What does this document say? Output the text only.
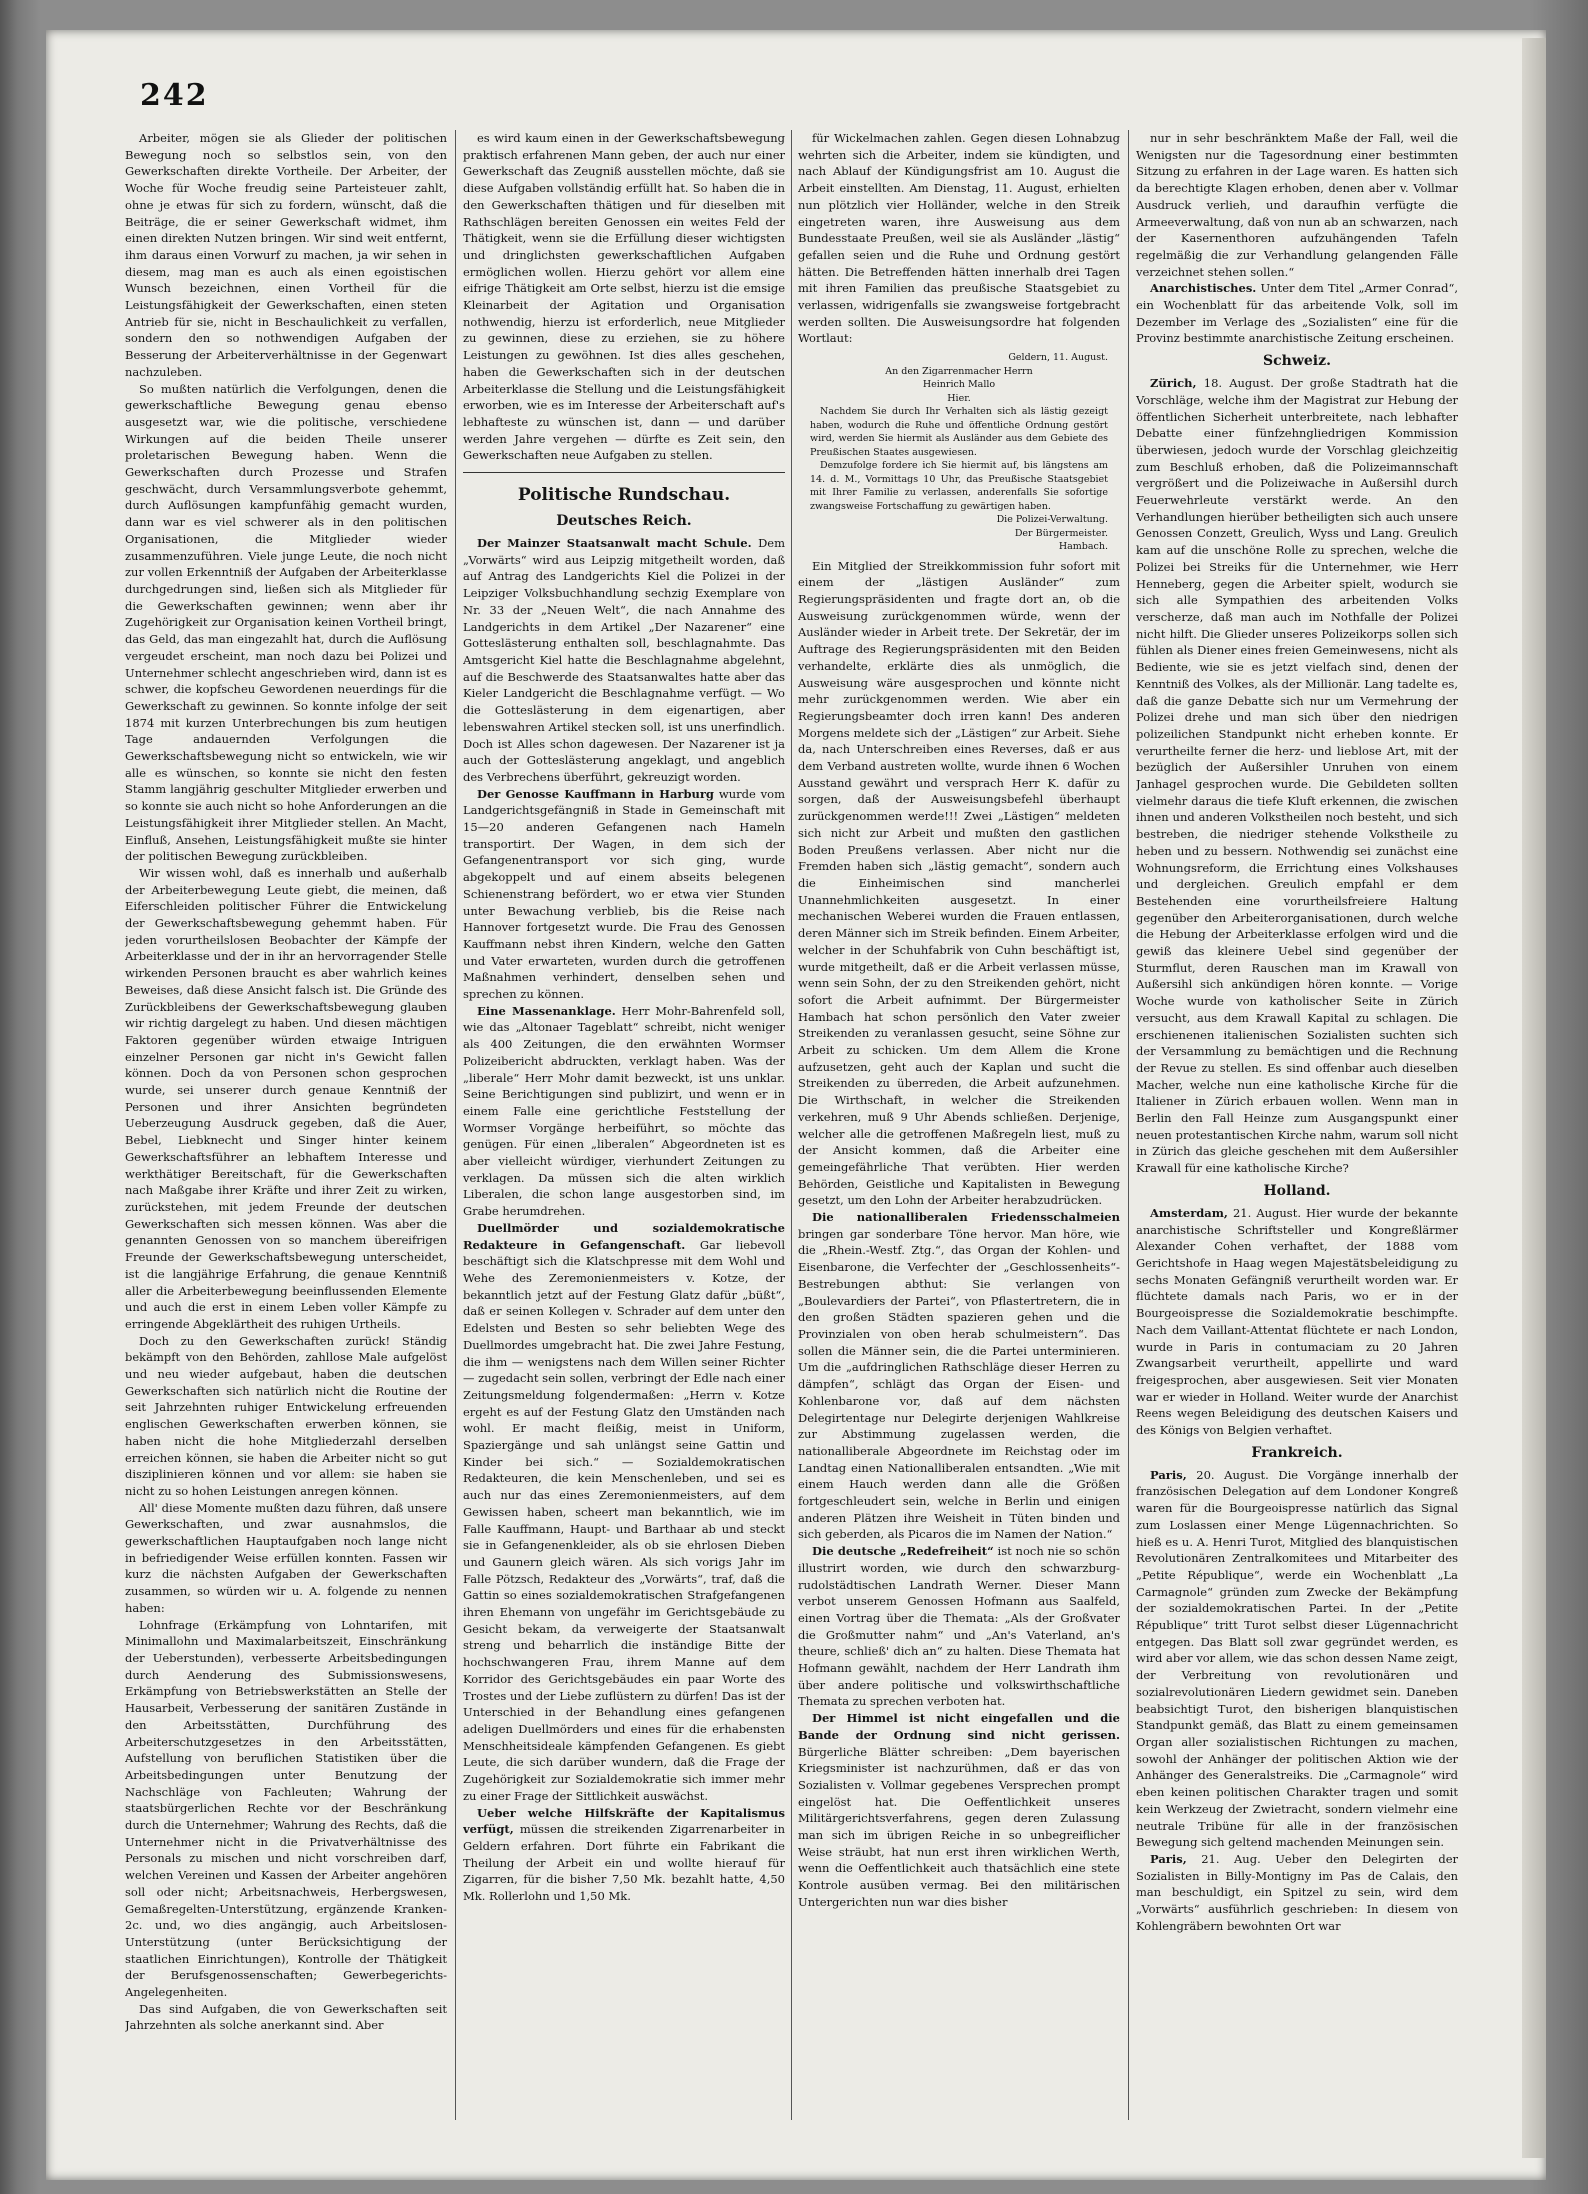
242

Arbeiter, mögen sie als Glieder der politischen Bewegung noch so selbstlos sein, von den Gewerkschaften direkte Vortheile. Der Arbeiter, der Woche für Woche freudig seine Parteisteuer zahlt, ohne je etwas für sich zu fordern, wünscht, daß die Beiträge, die er seiner Gewerkschaft widmet, ihm einen direkten Nutzen bringen. Wir sind weit entfernt, ihm daraus einen Vorwurf zu machen, ja wir sehen in diesem, mag man es auch als einen egoistischen Wunsch bezeichnen, einen Vortheil für die Leistungsfähigkeit der Gewerkschaften, einen steten Antrieb für sie, nicht in Beschaulichkeit zu verfallen, sondern den so nothwendigen Aufgaben der Besserung der Arbeiterverhältnisse in der Gegenwart nachzuleben.

So mußten natürlich die Verfolgungen, denen die gewerkschaftliche Bewegung genau ebenso ausgesetzt war, wie die politische, verschiedene Wirkungen auf die beiden Theile unserer proletarischen Bewegung haben. Wenn die Gewerkschaften durch Prozesse und Strafen geschwächt, durch Versammlungsverbote gehemmt, durch Auflösungen kampfunfähig gemacht wurden, dann war es viel schwerer als in den politischen Organisationen, die Mitglieder wieder zusammenzuführen. Viele junge Leute, die noch nicht zur vollen Erkenntniß der Aufgaben der Arbeiterklasse durchgedrungen sind, ließen sich als Mitglieder für die Gewerkschaften gewinnen; wenn aber ihr Zugehörigkeit zur Organisation keinen Vortheil bringt, das Geld, das man eingezahlt hat, durch die Auflösung vergeudet erscheint, man noch dazu bei Polizei und Unternehmer schlecht angeschrieben wird, dann ist es schwer, die kopfscheu Gewordenen neuerdings für die Gewerkschaft zu gewinnen. So konnte infolge der seit 1874 mit kurzen Unterbrechungen bis zum heutigen Tage andauernden Verfolgungen die Gewerkschaftsbewegung nicht so entwickeln, wie wir alle es wünschen, so konnte sie nicht den festen Stamm langjährig geschulter Mitglieder erwerben und so konnte sie auch nicht so hohe Anforderungen an die Leistungsfähigkeit ihrer Mitglieder stellen. An Macht, Einfluß, Ansehen, Leistungsfähigkeit mußte sie hinter der politischen Bewegung zurückbleiben.

Wir wissen wohl, daß es innerhalb und außerhalb der Arbeiterbewegung Leute giebt, die meinen, daß Eiferschleiden politischer Führer die Entwickelung der Gewerkschaftsbewegung gehemmt haben. Für jeden vorurtheilslosen Beobachter der Kämpfe der Arbeiterklasse und der in ihr an hervorragender Stelle wirkenden Personen braucht es aber wahrlich keines Beweises, daß diese Ansicht falsch ist. Die Gründe des Zurückbleibens der Gewerkschaftsbewegung glauben wir richtig dargelegt zu haben. Und diesen mächtigen Faktoren gegenüber würden etwaige Intriguen einzelner Personen gar nicht in's Gewicht fallen können. Doch da von Personen schon gesprochen wurde, sei unserer durch genaue Kenntniß der Personen und ihrer Ansichten begründeten Ueberzeugung Ausdruck gegeben, daß die Auer, Bebel, Liebknecht und Singer hinter keinem Gewerkschaftsführer an lebhaftem Interesse und werkthätiger Bereitschaft, für die Gewerkschaften nach Maßgabe ihrer Kräfte und ihrer Zeit zu wirken, zurückstehen, mit jedem Freunde der deutschen Gewerkschaften sich messen können. Was aber die genannten Genossen von so manchem übereifrigen Freunde der Gewerkschaftsbewegung unterscheidet, ist die langjährige Erfahrung, die genaue Kenntniß aller die Arbeiterbewegung beeinflussenden Elemente und auch die erst in einem Leben voller Kämpfe zu erringende Abgeklärtheit des ruhigen Urtheils.

Doch zu den Gewerkschaften zurück! Ständig bekämpft von den Behörden, zahllose Male aufgelöst und neu wieder aufgebaut, haben die deutschen Gewerkschaften sich natürlich nicht die Routine der seit Jahrzehnten ruhiger Entwickelung erfreuenden englischen Gewerkschaften erwerben können, sie haben nicht die hohe Mitgliederzahl derselben erreichen können, sie haben die Arbeiter nicht so gut disziplinieren können und vor allem: sie haben sie nicht zu so hohen Leistungen anregen können.

All' diese Momente mußten dazu führen, daß unsere Gewerkschaften, und zwar ausnahmslos, die gewerkschaftlichen Hauptaufgaben noch lange nicht in befriedigender Weise erfüllen konnten. Fassen wir kurz die nächsten Aufgaben der Gewerkschaften zusammen, so würden wir u. A. folgende zu nennen haben:

Lohnfrage (Erkämpfung von Lohntarifen, mit Minimallohn und Maximalarbeitszeit, Einschränkung der Ueberstunden), verbesserte Arbeitsbedingungen durch Aenderung des Submissionswesens, Erkämpfung von Betriebswerkstätten an Stelle der Hausarbeit, Verbesserung der sanitären Zustände in den Arbeitsstätten, Durchführung des Arbeiterschutzgesetzes in den Arbeitsstätten, Aufstellung von beruflichen Statistiken über die Arbeitsbedingungen unter Benutzung der Nachschläge von Fachleuten; Wahrung der staatsbürgerlichen Rechte vor der Beschränkung durch die Unternehmer; Wahrung des Rechts, daß die Unternehmer nicht in die Privatverhältnisse des Personals zu mischen und nicht vorschreiben darf, welchen Vereinen und Kassen der Arbeiter angehören soll oder nicht; Arbeitsnachweis, Herbergswesen, Gemaßregelten-Unterstützung, ergänzende Kranken- 2c. und, wo dies angängig, auch Arbeitslosen-Unterstützung (unter Berücksichtigung der staatlichen Einrichtungen), Kontrolle der Thätigkeit der Berufsgenossenschaften; Gewerbegerichts-Angelegenheiten.

Das sind Aufgaben, die von Gewerkschaften seit Jahrzehnten als solche anerkannt sind. Aber

es wird kaum einen in der Gewerkschaftsbewegung praktisch erfahrenen Mann geben, der auch nur einer Gewerkschaft das Zeugniß ausstellen möchte, daß sie diese Aufgaben vollständig erfüllt hat. So haben die in den Gewerkschaften thätigen und für dieselben mit Rathschlägen bereiten Genossen ein weites Feld der Thätigkeit, wenn sie die Erfüllung dieser wichtigsten und dringlichsten gewerkschaftlichen Aufgaben ermöglichen wollen. Hierzu gehört vor allem eine eifrige Thätigkeit am Orte selbst, hierzu ist die emsige Kleinarbeit der Agitation und Organisation nothwendig, hierzu ist erforderlich, neue Mitglieder zu gewinnen, diese zu erziehen, sie zu höhere Leistungen zu gewöhnen. Ist dies alles geschehen, haben die Gewerkschaften sich in der deutschen Arbeiterklasse die Stellung und die Leistungsfähigkeit erworben, wie es im Interesse der Arbeiterschaft auf's lebhafteste zu wünschen ist, dann — und darüber werden Jahre vergehen — dürfte es Zeit sein, den Gewerkschaften neue Aufgaben zu stellen.

Politische Rundschau.
Deutsches Reich.

Der Mainzer Staatsanwalt macht Schule. Dem „Vorwärts“ wird aus Leipzig mitgetheilt worden, daß auf Antrag des Landgerichts Kiel die Polizei in der Leipziger Volksbuchhandlung sechzig Exemplare von Nr. 33 der „Neuen Welt“, die nach Annahme des Landgerichts in dem Artikel „Der Nazarener“ eine Gotteslästerung enthalten soll, beschlagnahmte. Das Amtsgericht Kiel hatte die Beschlagnahme abgelehnt, auf die Beschwerde des Staatsanwaltes hatte aber das Kieler Landgericht die Beschlagnahme verfügt. — Wo die Gotteslästerung in dem eigenartigen, aber lebenswahren Artikel stecken soll, ist uns unerfindlich. Doch ist Alles schon dagewesen. Der Nazarener ist ja auch der Gotteslästerung angeklagt, und angeblich des Verbrechens überführt, gekreuzigt worden.

Der Genosse Kauffmann in Harburg wurde vom Landgerichtsgefängniß in Stade in Gemeinschaft mit 15—20 anderen Gefangenen nach Hameln transportirt. Der Wagen, in dem sich der Gefangenentransport vor sich ging, wurde abgekoppelt und auf einem abseits belegenen Schienenstrang befördert, wo er etwa vier Stunden unter Bewachung verblieb, bis die Reise nach Hannover fortgesetzt wurde. Die Frau des Genossen Kauffmann nebst ihren Kindern, welche den Gatten und Vater erwarteten, wurden durch die getroffenen Maßnahmen verhindert, denselben sehen und sprechen zu können.

Eine Massenanklage. Herr Mohr-Bahrenfeld soll, wie das „Altonaer Tageblatt“ schreibt, nicht weniger als 400 Zeitungen, die den erwähnten Wormser Polizeibericht abdruckten, verklagt haben. Was der „liberale“ Herr Mohr damit bezweckt, ist uns unklar. Seine Berichtigungen sind publizirt, und wenn er in einem Falle eine gerichtliche Feststellung der Wormser Vorgänge herbeiführt, so möchte das genügen. Für einen „liberalen“ Abgeordneten ist es aber vielleicht würdiger, vierhundert Zeitungen zu verklagen. Da müssen sich die alten wirklich Liberalen, die schon lange ausgestorben sind, im Grabe herumdrehen.

Duellmörder und sozialdemokratische Redakteure in Gefangenschaft. Gar liebevoll beschäftigt sich die Klatschpresse mit dem Wohl und Wehe des Zeremonienmeisters v. Kotze, der bekanntlich jetzt auf der Festung Glatz dafür „büßt“, daß er seinen Kollegen v. Schrader auf dem unter den Edelsten und Besten so sehr beliebten Wege des Duellmordes umgebracht hat. Die zwei Jahre Festung, die ihm — wenigstens nach dem Willen seiner Richter — zugedacht sein sollen, verbringt der Edle nach einer Zeitungsmeldung folgendermaßen: „Herrn v. Kotze ergeht es auf der Festung Glatz den Umständen nach wohl. Er macht fleißig, meist in Uniform, Spaziergänge und sah unlängst seine Gattin und Kinder bei sich.“ — Sozialdemokratischen Redakteuren, die kein Menschenleben, und sei es auch nur das eines Zeremonienmeisters, auf dem Gewissen haben, scheert man bekanntlich, wie im Falle Kauffmann, Haupt- und Barthaar ab und steckt sie in Gefangenenkleider, als ob sie ehrlosen Dieben und Gaunern gleich wären. Als sich vorigs Jahr im Falle Pötzsch, Redakteur des „Vorwärts“, traf, daß die Gattin so eines sozialdemokratischen Strafgefangenen ihren Ehemann von ungefähr im Gerichtsgebäude zu Gesicht bekam, da verweigerte der Staatsanwalt streng und beharrlich die inständige Bitte der hochschwangeren Frau, ihrem Manne auf dem Korridor des Gerichtsgebäudes ein paar Worte des Trostes und der Liebe zuflüstern zu dürfen! Das ist der Unterschied in der Behandlung eines gefangenen adeligen Duellmörders und eines für die erhabensten Menschheitsideale kämpfenden Gefangenen. Es giebt Leute, die sich darüber wundern, daß die Frage der Zugehörigkeit zur Sozialdemokratie sich immer mehr zu einer Frage der Sittlichkeit auswächst.

Ueber welche Hilfskräfte der Kapitalismus verfügt, müssen die streikenden Zigarrenarbeiter in Geldern erfahren. Dort führte ein Fabrikant die Theilung der Arbeit ein und wollte hierauf für Zigarren, für die bisher 7,50 Mk. bezahlt hatte, 4,50 Mk. Rollerlohn und 1,50 Mk.

für Wickelmachen zahlen. Gegen diesen Lohnabzug wehrten sich die Arbeiter, indem sie kündigten, und nach Ablauf der Kündigungsfrist am 10. August die Arbeit einstellten. Am Dienstag, 11. August, erhielten nun plötzlich vier Holländer, welche in den Streik eingetreten waren, ihre Ausweisung aus dem Bundesstaate Preußen, weil sie als Ausländer „lästig“ gefallen seien und die Ruhe und Ordnung gestört hätten. Die Betreffenden hätten innerhalb drei Tagen mit ihren Familien das preußische Staatsgebiet zu verlassen, widrigenfalls sie zwangsweise fortgebracht werden sollten. Die Ausweisungsordre hat folgenden Wortlaut:

Geldern, 11. August.
An den Zigarrenmacher Herrn
Heinrich Mallo
Hier.

Nachdem Sie durch Ihr Verhalten sich als lästig gezeigt haben, wodurch die Ruhe und öffentliche Ordnung gestört wird, werden Sie hiermit als Ausländer aus dem Gebiete des Preußischen Staates ausgewiesen.

Demzufolge fordere ich Sie hiermit auf, bis längstens am 14. d. M., Vormittags 10 Uhr, das Preußische Staatsgebiet mit Ihrer Familie zu verlassen, anderenfalls Sie sofortige zwangsweise Fortschaffung zu gewärtigen haben.

Die Polizei-Verwaltung.
Der Bürgermeister.
Hambach.

Ein Mitglied der Streikkommission fuhr sofort mit einem der „lästigen Ausländer“ zum Regierungspräsidenten und fragte dort an, ob die Ausweisung zurückgenommen würde, wenn der Ausländer wieder in Arbeit trete. Der Sekretär, der im Auftrage des Regierungspräsidenten mit den Beiden verhandelte, erklärte dies als unmöglich, die Ausweisung wäre ausgesprochen und könnte nicht mehr zurückgenommen werden. Wie aber ein Regierungsbeamter doch irren kann! Des anderen Morgens meldete sich der „Lästigen“ zur Arbeit. Siehe da, nach Unterschreiben eines Reverses, daß er aus dem Verband austreten wollte, wurde ihnen 6 Wochen Ausstand gewährt und versprach Herr K. dafür zu sorgen, daß der Ausweisungsbefehl überhaupt zurückgenommen werde!!! Zwei „Lästigen“ meldeten sich nicht zur Arbeit und mußten den gastlichen Boden Preußens verlassen. Aber nicht nur die Fremden haben sich „lästig gemacht“, sondern auch die Einheimischen sind mancherlei Unannehmlichkeiten ausgesetzt. In einer mechanischen Weberei wurden die Frauen entlassen, deren Männer sich im Streik befinden. Einem Arbeiter, welcher in der Schuhfabrik von Cuhn beschäftigt ist, wurde mitgetheilt, daß er die Arbeit verlassen müsse, wenn sein Sohn, der zu den Streikenden gehört, nicht sofort die Arbeit aufnimmt. Der Bürgermeister Hambach hat schon persönlich den Vater zweier Streikenden zu veranlassen gesucht, seine Söhne zur Arbeit zu schicken. Um dem Allem die Krone aufzusetzen, geht auch der Kaplan und sucht die Streikenden zu überreden, die Arbeit aufzunehmen. Die Wirthschaft, in welcher die Streikenden verkehren, muß 9 Uhr Abends schließen. Derjenige, welcher alle die getroffenen Maßregeln liest, muß zu der Ansicht kommen, daß die Arbeiter eine gemeingefährliche That verübten. Hier werden Behörden, Geistliche und Kapitalisten in Bewegung gesetzt, um den Lohn der Arbeiter herabzudrücken.

Die nationalliberalen Friedensschalmeien bringen gar sonderbare Töne hervor. Man höre, wie die „Rhein.-Westf. Ztg.“, das Organ der Kohlen- und Eisenbarone, die Verfechter der „Geschlossenheits“-Bestrebungen abthut: Sie verlangen von „Boulevardiers der Partei“, von Pflastertretern, die in den großen Städten spazieren gehen und die Provinzialen von oben herab schulmeistern“. Das sollen die Männer sein, die die Partei unterminieren. Um die „aufdringlichen Rathschläge dieser Herren zu dämpfen“, schlägt das Organ der Eisen- und Kohlenbarone vor, daß auf dem nächsten Delegirtentage nur Delegirte derjenigen Wahlkreise zur Abstimmung zugelassen werden, die nationalliberale Abgeordnete im Reichstag oder im Landtag einen Nationalliberalen entsandten. „Wie mit einem Hauch werden dann alle die Größen fortgeschleudert sein, welche in Berlin und einigen anderen Plätzen ihre Weisheit in Tüten binden und sich geberden, als Picaros die im Namen der Nation.“

Die deutsche „Redefreiheit“ ist noch nie so schön illustrirt worden, wie durch den schwarzburg-rudolstädtischen Landrath Werner. Dieser Mann verbot unserem Genossen Hofmann aus Saalfeld, einen Vortrag über die Themata: „Als der Großvater die Großmutter nahm“ und „An's Vaterland, an's theure, schließ' dich an“ zu halten. Diese Themata hat Hofmann gewählt, nachdem der Herr Landrath ihm über andere politische und volkswirthschaftliche Themata zu sprechen verboten hat.

Der Himmel ist nicht eingefallen und die Bande der Ordnung sind nicht gerissen. Bürgerliche Blätter schreiben: „Dem bayerischen Kriegsminister ist nachzurühmen, daß er das von Sozialisten v. Vollmar gegebenes Versprechen prompt eingelöst hat. Die Oeffentlichkeit unseres Militärgerichtsverfahrens, gegen deren Zulassung man sich im übrigen Reiche in so unbegreiflicher Weise sträubt, hat nun erst ihren wirklichen Werth, wenn die Oeffentlichkeit auch thatsächlich eine stete Kontrole ausüben vermag. Bei den militärischen Untergerichten nun war dies bisher

nur in sehr beschränktem Maße der Fall, weil die Wenigsten nur die Tagesordnung einer bestimmten Sitzung zu erfahren in der Lage waren. Es hatten sich da berechtigte Klagen erhoben, denen aber v. Vollmar Ausdruck verlieh, und daraufhin verfügte die Armeeverwaltung, daß von nun ab an schwarzen, nach der Kasernenthoren aufzuhängenden Tafeln regelmäßig die zur Verhandlung gelangenden Fälle verzeichnet stehen sollen.“

Anarchistisches. Unter dem Titel „Armer Conrad“, ein Wochenblatt für das arbeitende Volk, soll im Dezember im Verlage des „Sozialisten“ eine für die Provinz bestimmte anarchistische Zeitung erscheinen.

Schweiz.

Zürich, 18. August. Der große Stadtrath hat die Vorschläge, welche ihm der Magistrat zur Hebung der öffentlichen Sicherheit unterbreitete, nach lebhafter Debatte einer fünfzehngliedrigen Kommission überwiesen, jedoch wurde der Vorschlag gleichzeitig zum Beschluß erhoben, daß die Polizeimannschaft vergrößert und die Polizeiwache in Außersihl durch Feuerwehrleute verstärkt werde. An den Verhandlungen hierüber betheiligten sich auch unsere Genossen Conzett, Greulich, Wyss und Lang. Greulich kam auf die unschöne Rolle zu sprechen, welche die Polizei bei Streiks für die Unternehmer, wie Herr Henneberg, gegen die Arbeiter spielt, wodurch sie sich alle Sympathien des arbeitenden Volks verscherze, daß man auch im Nothfalle der Polizei nicht hilft. Die Glieder unseres Polizeikorps sollen sich fühlen als Diener eines freien Gemeinwesens, nicht als Bediente, wie sie es jetzt vielfach sind, denen der Kenntniß des Volkes, als der Millionär. Lang tadelte es, daß die ganze Debatte sich nur um Vermehrung der Polizei drehe und man sich über den niedrigen polizeilichen Standpunkt nicht erheben konnte. Er verurtheilte ferner die herz- und lieblose Art, mit der bezüglich der Außersihler Unruhen von einem Janhagel gesprochen wurde. Die Gebildeten sollten vielmehr daraus die tiefe Kluft erkennen, die zwischen ihnen und anderen Volkstheilen noch besteht, und sich bestreben, die niedriger stehende Volkstheile zu heben und zu bessern. Nothwendig sei zunächst eine Wohnungsreform, die Errichtung eines Volkshauses und dergleichen. Greulich empfahl er dem Bestehenden eine vorurtheilsfreiere Haltung gegenüber den Arbeiterorganisationen, durch welche die Hebung der Arbeiterklasse erfolgen wird und die gewiß das kleinere Uebel sind gegenüber der Sturmflut, deren Rauschen man im Krawall von Außersihl sich ankündigen hören konnte. — Vorige Woche wurde von katholischer Seite in Zürich versucht, aus dem Krawall Kapital zu schlagen. Die erschienenen italienischen Sozialisten suchten sich der Versammlung zu bemächtigen und die Rechnung der Revue zu stellen. Es sind offenbar auch dieselben Macher, welche nun eine katholische Kirche für die Italiener in Zürich erbauen wollen. Wenn man in Berlin den Fall Heinze zum Ausgangspunkt einer neuen protestantischen Kirche nahm, warum soll nicht in Zürich das gleiche geschehen mit dem Außersihler Krawall für eine katholische Kirche?

Holland.

Amsterdam, 21. August. Hier wurde der bekannte anarchistische Schriftsteller und Kongreßlärmer Alexander Cohen verhaftet, der 1888 vom Gerichtshofe in Haag wegen Majestätsbeleidigung zu sechs Monaten Gefängniß verurtheilt worden war. Er flüchtete damals nach Paris, wo er in der Bourgeoispresse die Sozialdemokratie beschimpfte. Nach dem Vaillant-Attentat flüchtete er nach London, wurde in Paris in contumaciam zu 20 Jahren Zwangsarbeit verurtheilt, appellirte und ward freigesprochen, aber ausgewiesen. Seit vier Monaten war er wieder in Holland. Weiter wurde der Anarchist Reens wegen Beleidigung des deutschen Kaisers und des Königs von Belgien verhaftet.

Frankreich.

Paris, 20. August. Die Vorgänge innerhalb der französischen Delegation auf dem Londoner Kongreß waren für die Bourgeoispresse natürlich das Signal zum Loslassen einer Menge Lügennachrichten. So hieß es u. A. Henri Turot, Mitglied des blanquistischen Revolutionären Zentralkomitees und Mitarbeiter des „Petite République“, werde ein Wochenblatt „La Carmagnole“ gründen zum Zwecke der Bekämpfung der sozialdemokratischen Partei. In der „Petite République“ tritt Turot selbst dieser Lügennachricht entgegen. Das Blatt soll zwar gegründet werden, es wird aber vor allem, wie das schon dessen Name zeigt, der Verbreitung von revolutionären und sozialrevolutionären Liedern gewidmet sein. Daneben beabsichtigt Turot, den bisherigen blanquistischen Standpunkt gemäß, das Blatt zu einem gemeinsamen Organ aller sozialistischen Richtungen zu machen, sowohl der Anhänger der politischen Aktion wie der Anhänger des Generalstreiks. Die „Carmagnole“ wird eben keinen politischen Charakter tragen und somit kein Werkzeug der Zwietracht, sondern vielmehr eine neutrale Tribüne für alle in der französischen Bewegung sich geltend machenden Meinungen sein.

Paris, 21. Aug. Ueber den Delegirten der Sozialisten in Billy-Montigny im Pas de Calais, den man beschuldigt, ein Spitzel zu sein, wird dem „Vorwärts“ ausführlich geschrieben: In diesem von Kohlengräbern bewohnten Ort war
